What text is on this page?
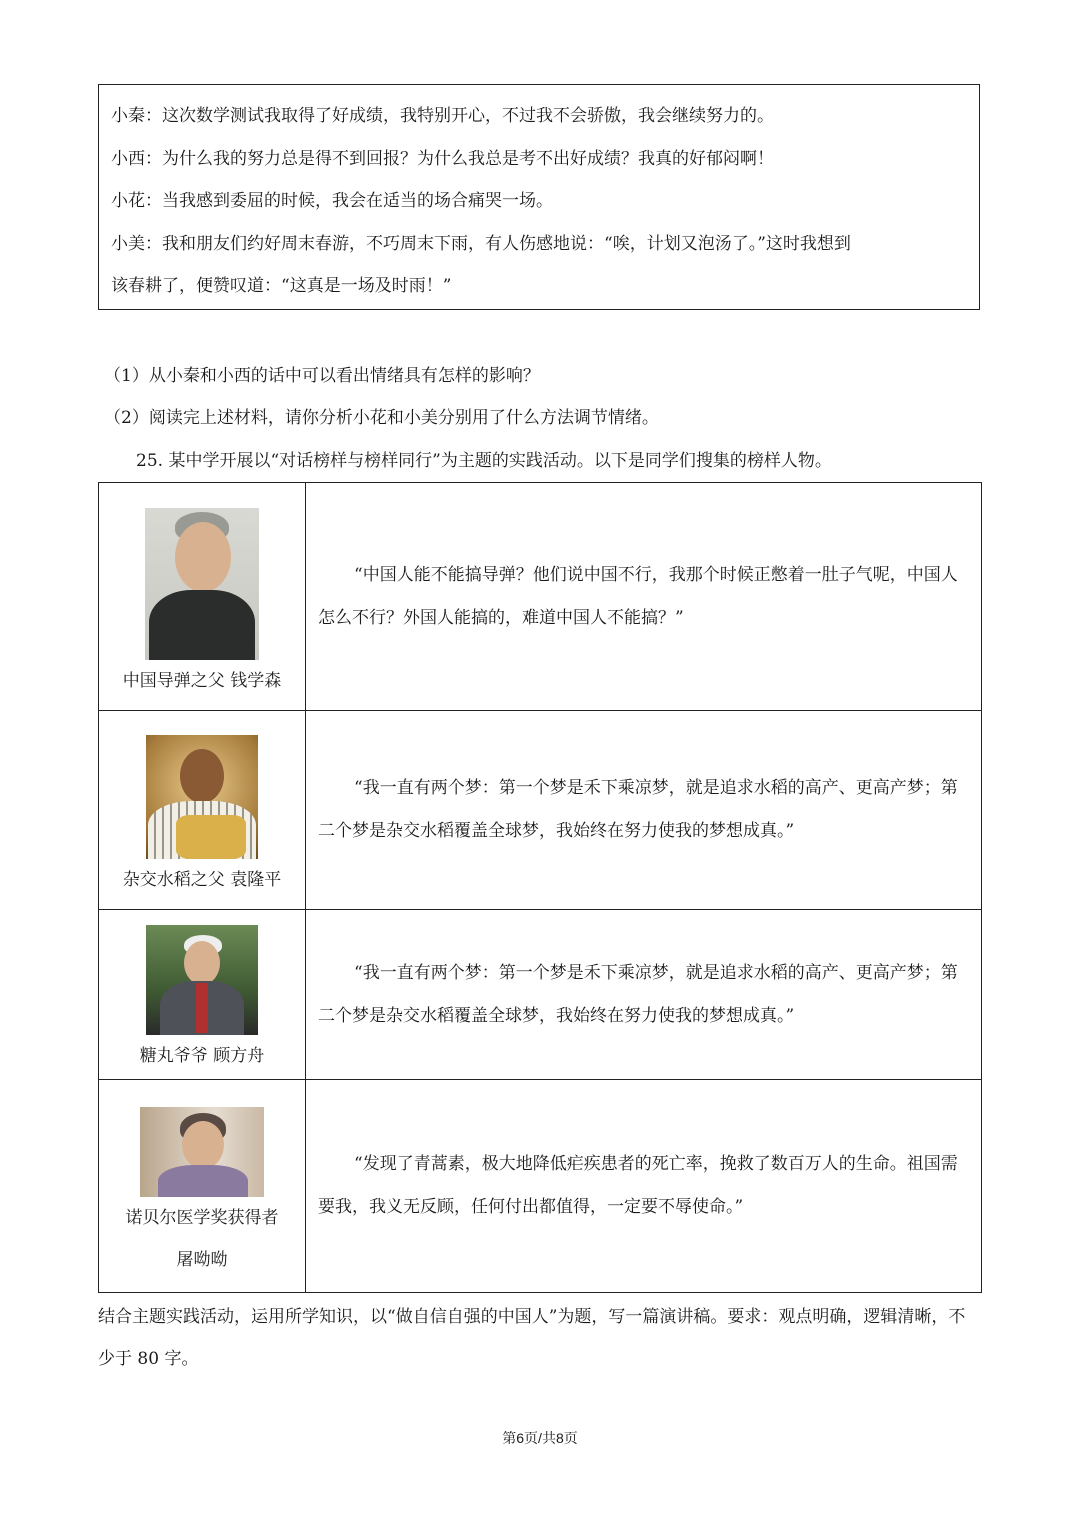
小秦：这次数学测试我取得了好成绩，我特别开心，不过我不会骄傲，我会继续努力的。

小西：为什么我的努力总是得不到回报？为什么我总是考不出好成绩？我真的好郁闷啊！

小花：当我感到委屈的时候，我会在适当的场合痛哭一场。

小美：我和朋友们约好周末春游，不巧周末下雨，有人伤感地说：“唉，计划又泡汤了。”这时我想到

该春耕了，便赞叹道：“这真是一场及时雨！”

（1）从小秦和小西的话中可以看出情绪具有怎样的影响？
（2）阅读完上述材料，请你分析小花和小美分别用了什么方法调节情绪。
25. 某中学开展以“对话榜样与榜样同行”为主题的实践活动。以下是同学们搜集的榜样人物。
中国导弹之父 钱学森	“中国人能不能搞导弹？他们说中国不行，我那个时候正憋着一肚子气呢，中国人怎么不行？外国人能搞的，难道中国人不能搞？”

杂交水稻之父 袁隆平	“我一直有两个梦：第一个梦是禾下乘凉梦，就是追求水稻的高产、更高产梦；第二个梦是杂交水稻覆盖全球梦，我始终在努力使我的梦想成真。”

糖丸爷爷 顾方舟	“我一直有两个梦：第一个梦是禾下乘凉梦，就是追求水稻的高产、更高产梦；第二个梦是杂交水稻覆盖全球梦，我始终在努力使我的梦想成真。”

诺贝尔医学奖获得者 屠呦呦	“发现了青蒿素，极大地降低疟疾患者的死亡率，挽救了数百万人的生命。祖国需要我，我义无反顾，任何付出都值得，一定要不辱使命。”
结合主题实践活动，运用所学知识，以“做自信自强的中国人”为题，写一篇演讲稿。要求：观点明确，逻辑清晰，不少于 80 字。
第6页/共8页
